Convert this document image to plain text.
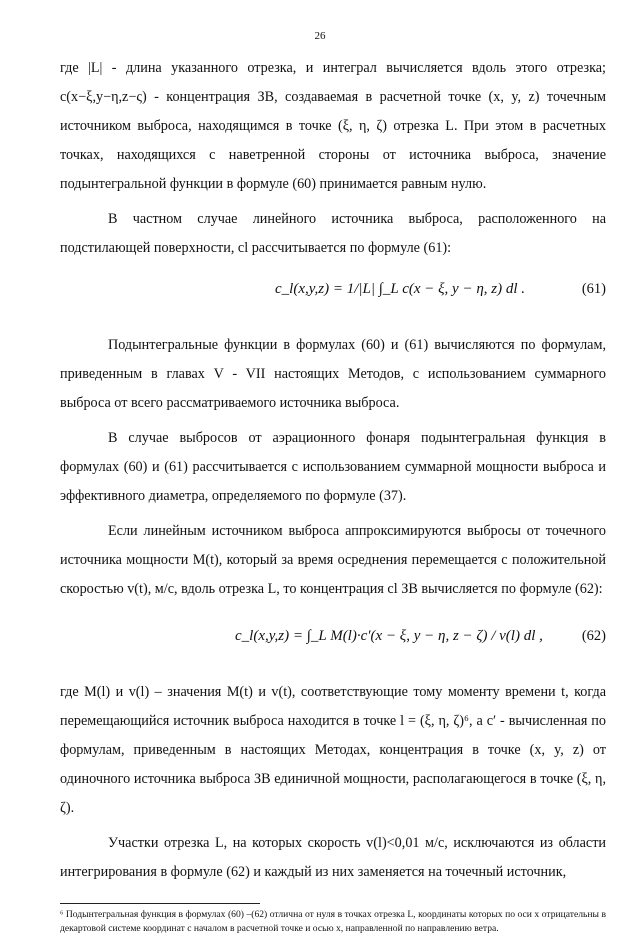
26

где |L| - длина указанного отрезка, и интеграл вычисляется вдоль этого отрезка; c(x−ξ,y−η,z−ς) - концентрация ЗВ, создаваемая в расчетной точке (x, y, z) точечным источником выброса, находящимся в точке (ξ, η, ζ) отрезка L. При этом в расчетных точках, находящихся с наветренной стороны от источника выброса, значение подынтегральной функции в формуле (60) принимается равным нулю.

В частном случае линейного источника выброса, расположенного на подстилающей поверхности, cl рассчитывается по формуле (61):

c_l(x,y,z) = 1/|L| ∫_L c(x − ξ, y − η, z) dl .	(61)

Подынтегральные функции в формулах (60) и (61) вычисляются по формулам, приведенным в главах V - VII настоящих Методов, с использованием суммарного выброса от всего рассматриваемого источника выброса.

В случае выбросов от аэрационного фонаря подынтегральная функция в формулах (60) и (61) рассчитывается с использованием суммарной мощности выброса и эффективного диаметра, определяемого по формуле (37).

Если линейным источником выброса аппроксимируются выбросы от точечного источника мощности M(t), который за время осреднения перемещается с положительной скоростью v(t), м/с, вдоль отрезка L, то концентрация cl ЗВ вычисляется по формуле (62):

c_l(x,y,z) = ∫_L M(l)·c′(x − ξ, y − η, z − ζ) / v(l) dl ,	(62)

где M(l) и v(l) – значения M(t) и v(t), соответствующие тому моменту времени t, когда перемещающийся источник выброса находится в точке l = (ξ, η, ζ)⁶, а c′ - вычисленная по формулам, приведенным в настоящих Методах, концентрация в точке (x, y, z) от одиночного источника выброса ЗВ единичной мощности, располагающегося в точке (ξ, η, ζ).

Участки отрезка L, на которых скорость v(l)<0,01 м/с, исключаются из области интегрирования в формуле (62) и каждый из них заменяется на точечный источник,

⁶ Подынтегральная функция в формулах (60) –(62) отлична от нуля в точках отрезка L, координаты которых по оси x отрицательны в декартовой системе координат с началом в расчетной точке и осью x, направленной по направлению ветра.
